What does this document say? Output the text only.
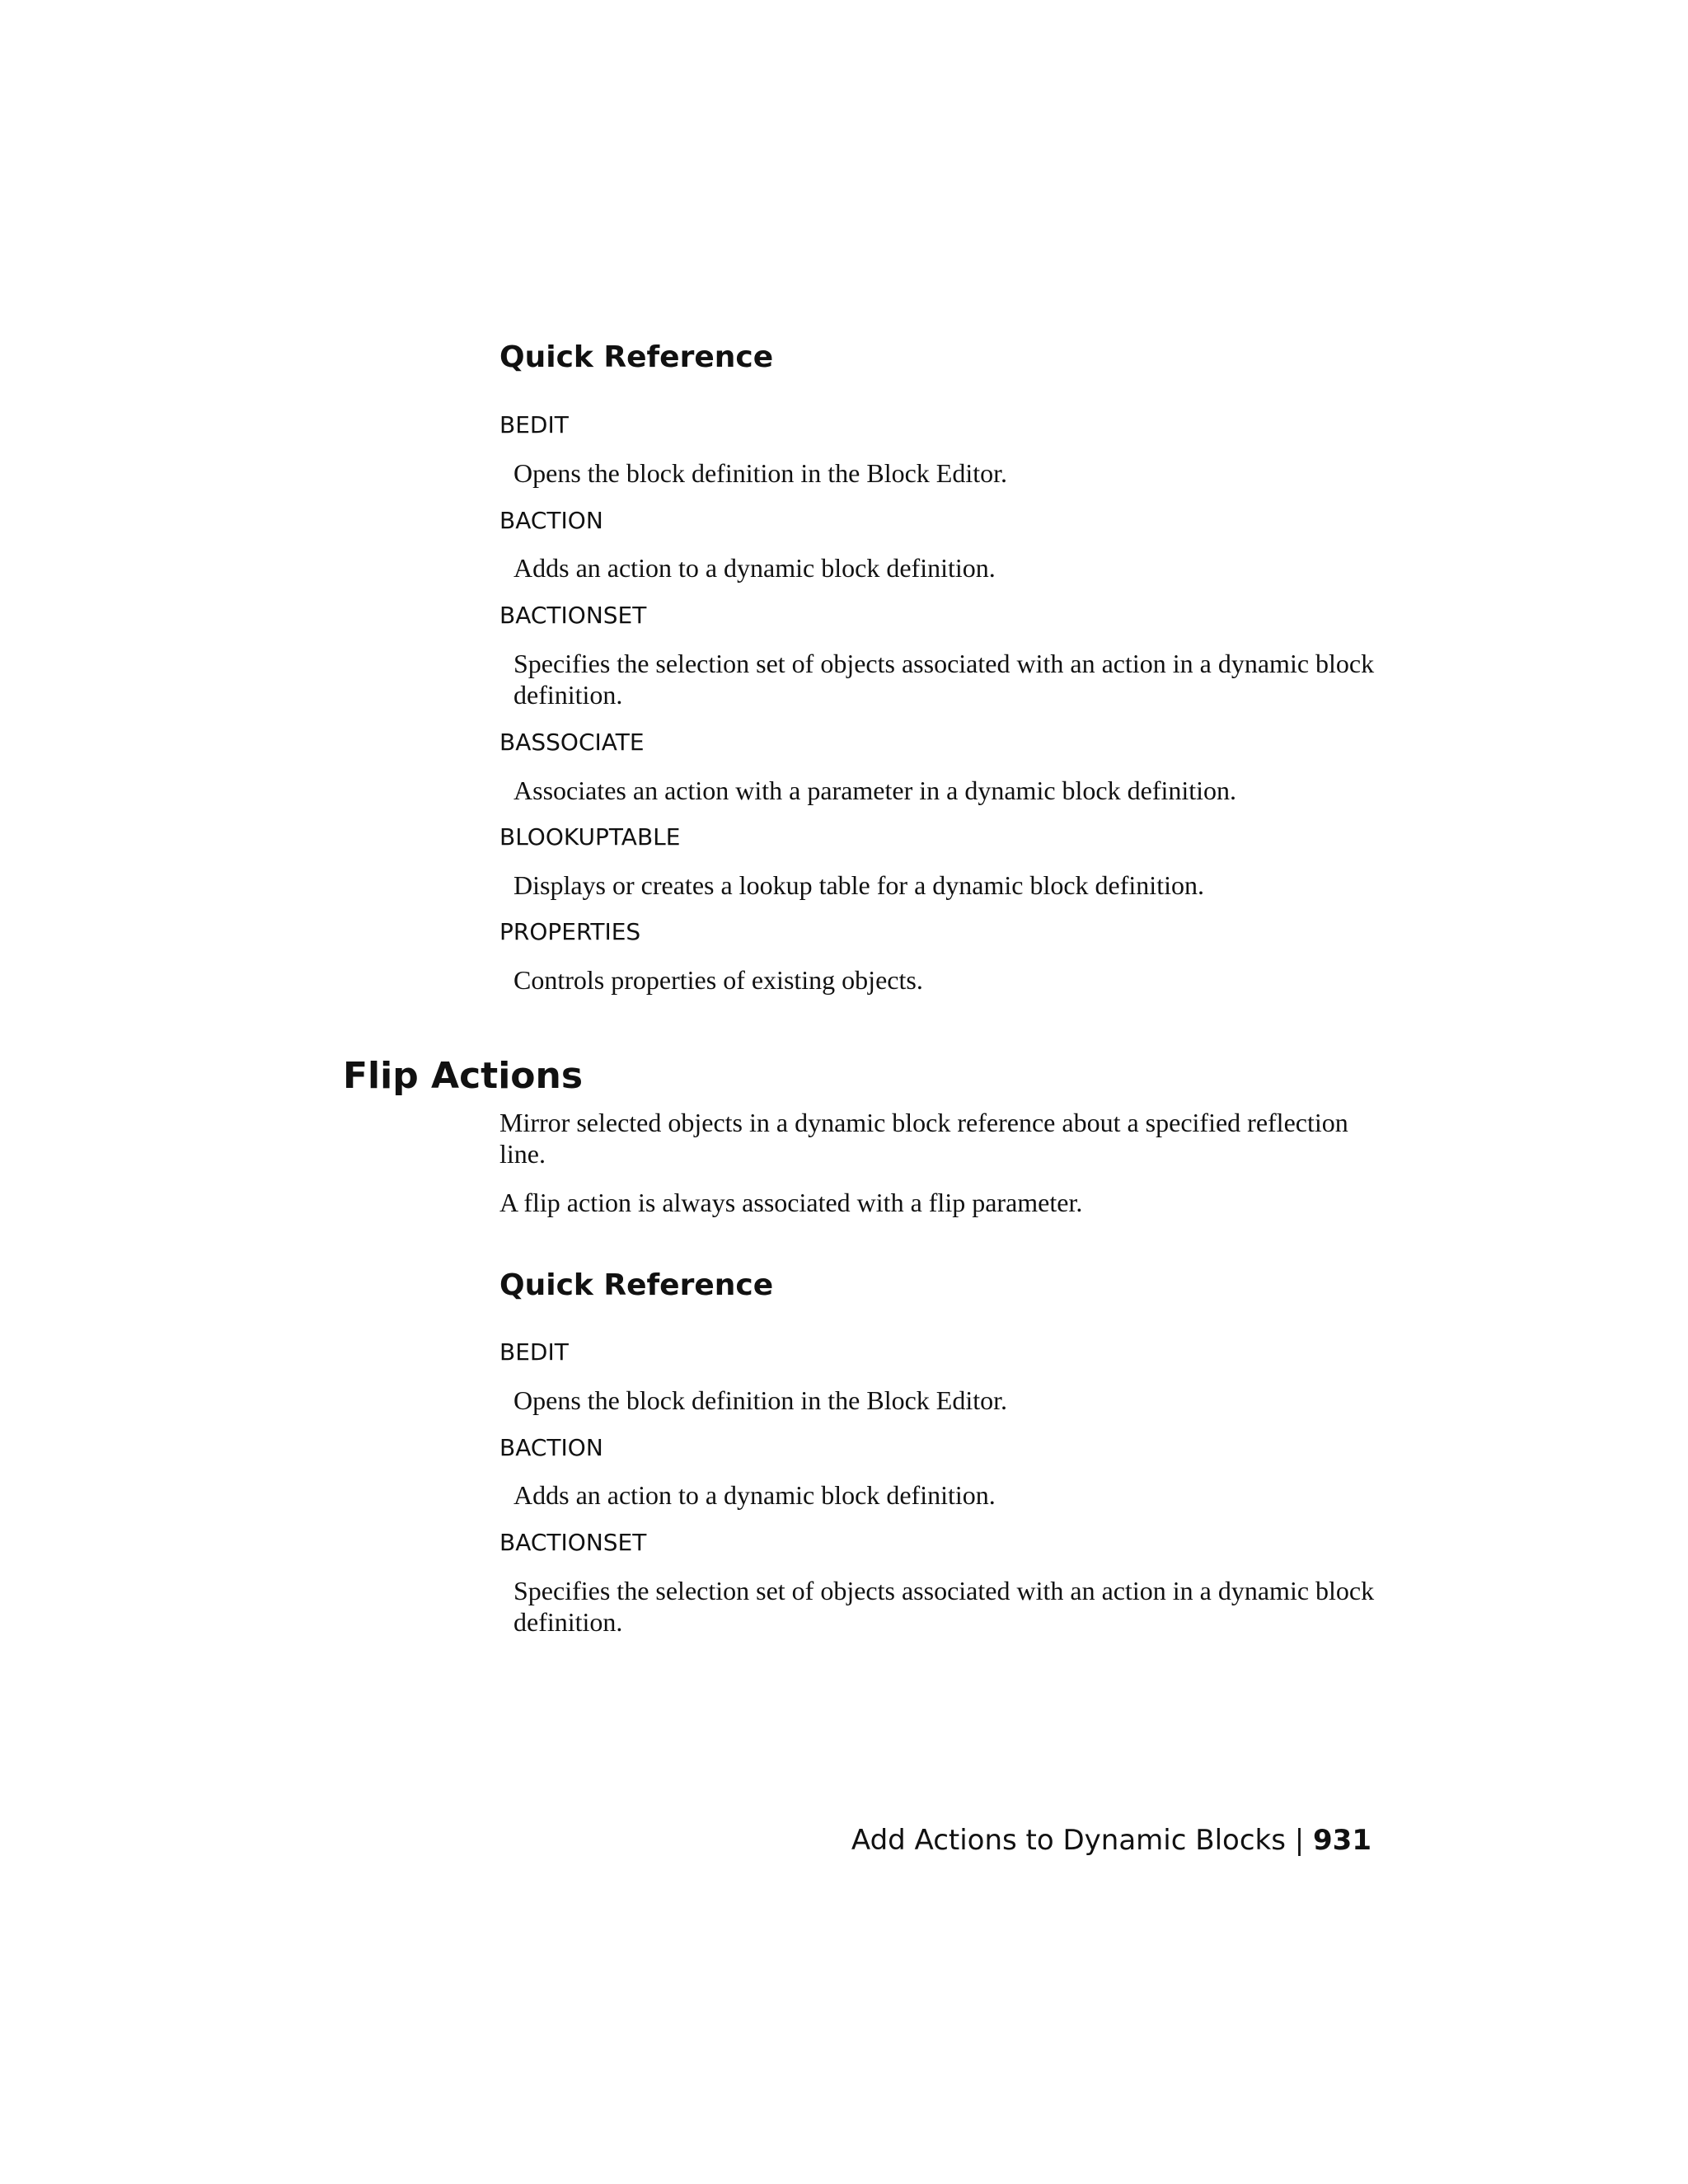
Quick Reference
BEDIT
Opens the block definition in the Block Editor.
BACTION
Adds an action to a dynamic block definition.
BACTIONSET
Specifies the selection set of objects associated with an action in a dynamic block definition.
BASSOCIATE
Associates an action with a parameter in a dynamic block definition.
BLOOKUPTABLE
Displays or creates a lookup table for a dynamic block definition.
PROPERTIES
Controls properties of existing objects.
Flip Actions

Mirror selected objects in a dynamic block reference about a specified reflection line.

A flip action is always associated with a flip parameter.

Quick Reference
BEDIT
Opens the block definition in the Block Editor.
BACTION
Adds an action to a dynamic block definition.
BACTIONSET
Specifies the selection set of objects associated with an action in a dynamic block definition.
Add Actions to Dynamic Blocks | 931
